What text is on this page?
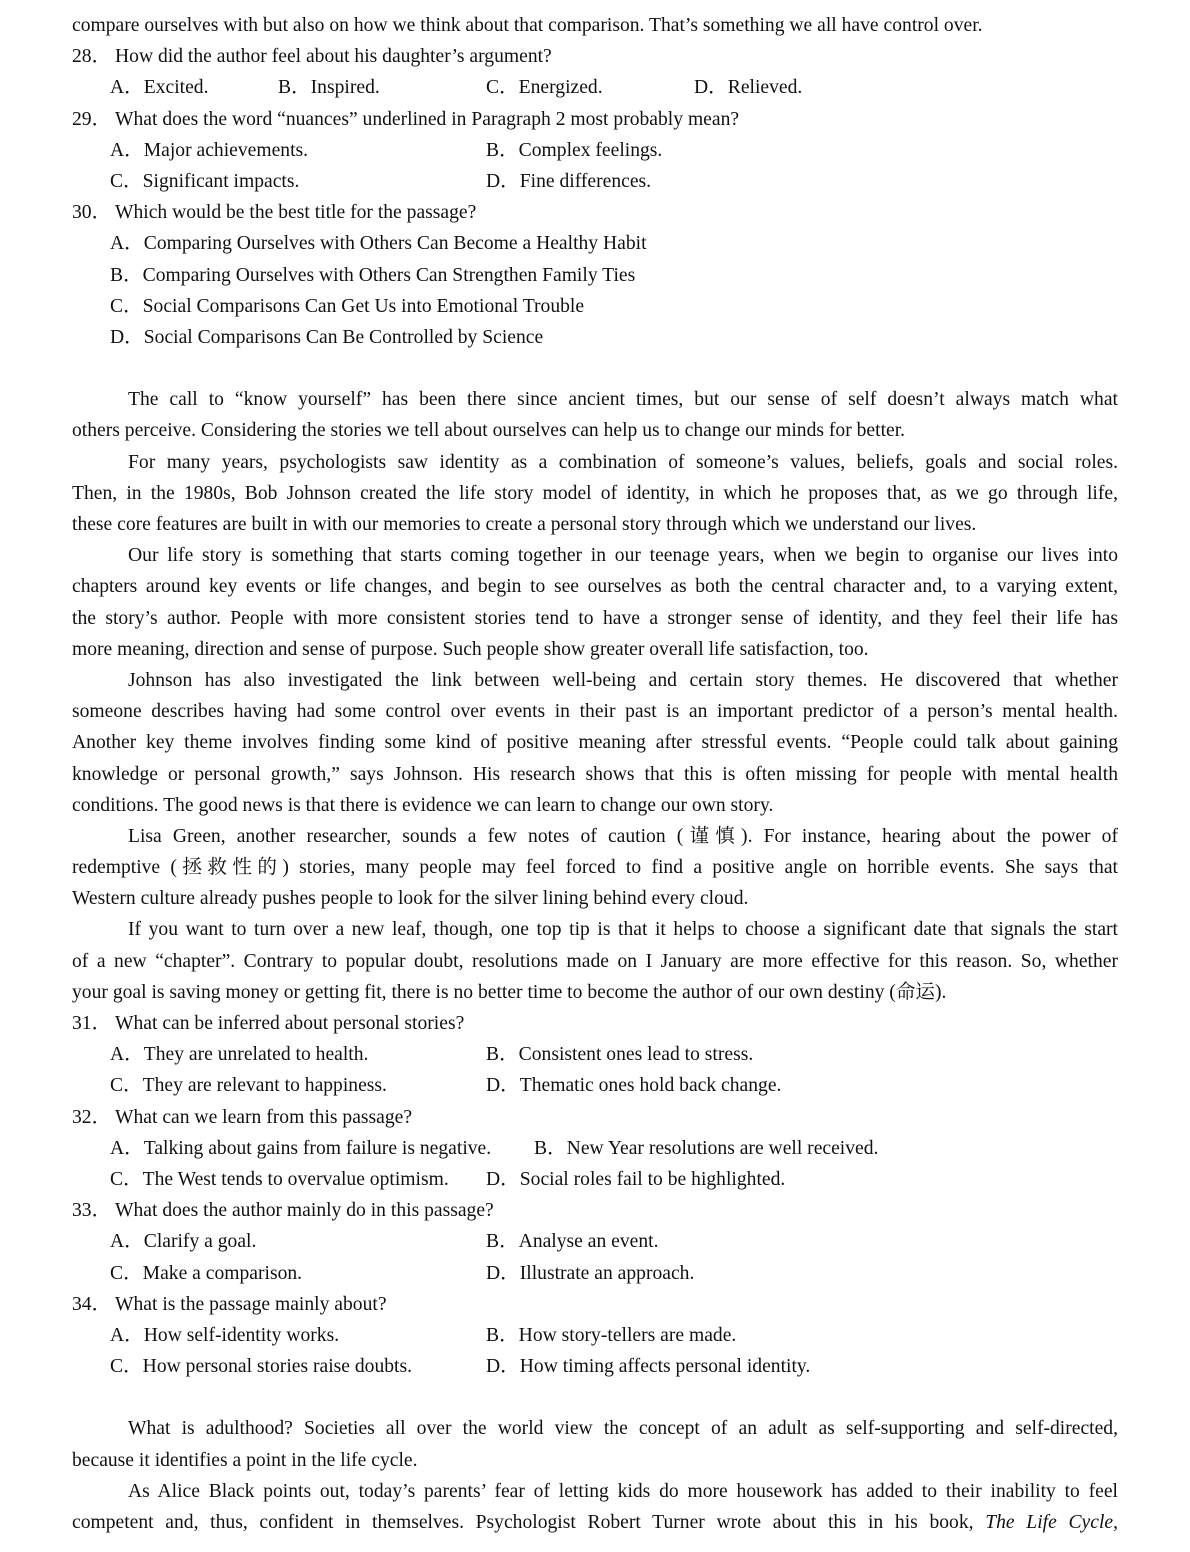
compare ourselves with but also on how we think about that comparison. That’s something we all have control over.
28． How did the author feel about his daughter’s argument?
A．Excited.	B．Inspired.	C．Energized.	D．Relieved.
29． What does the word “nuances” underlined in Paragraph 2 most probably mean?
A．Major achievements.	B．Complex feelings.
C．Significant impacts.	D．Fine differences.
30． Which would be the best title for the passage?
A．Comparing Ourselves with Others Can Become a Healthy Habit
B．Comparing Ourselves with Others Can Strengthen Family Ties
C．Social Comparisons Can Get Us into Emotional Trouble
D．Social Comparisons Can Be Controlled by Science
The call to “know yourself” has been there since ancient times, but our sense of self doesn’t always match what
others perceive. Considering the stories we tell about ourselves can help us to change our minds for better.
For many years, psychologists saw identity as a combination of someone’s values, beliefs, goals and social roles.
Then, in the 1980s, Bob Johnson created the life story model of identity, in which he proposes that, as we go through life,
these core features are built in with our memories to create a personal story through which we understand our lives.
Our life story is something that starts coming together in our teenage years, when we begin to organise our lives into
chapters around key events or life changes, and begin to see ourselves as both the central character and, to a varying extent,
the story’s author. People with more consistent stories tend to have a stronger sense of identity, and they feel their life has
more meaning, direction and sense of purpose. Such people show greater overall life satisfaction, too.
Johnson has also investigated the link between well-being and certain story themes. He discovered that whether
someone describes having had some control over events in their past is an important predictor of a person’s mental health.
Another key theme involves finding some kind of positive meaning after stressful events. “People could talk about gaining
knowledge or personal growth,” says Johnson. His research shows that this is often missing for people with mental health
conditions. The good news is that there is evidence we can learn to change our own story.
Lisa Green, another researcher, sounds a few notes of caution (谨慎). For instance, hearing about the power of
redemptive (拯救性的) stories, many people may feel forced to find a positive angle on horrible events. She says that
Western culture already pushes people to look for the silver lining behind every cloud.
If you want to turn over a new leaf, though, one top tip is that it helps to choose a significant date that signals the start
of a new “chapter”. Contrary to popular doubt, resolutions made on I January are more effective for this reason. So, whether
your goal is saving money or getting fit, there is no better time to become the author of our own destiny (命运).
31． What can be inferred about personal stories?
A．They are unrelated to health.	B．Consistent ones lead to stress.
C．They are relevant to happiness.	D．Thematic ones hold back change.
32． What can we learn from this passage?
A．Talking about gains from failure is negative. B．New Year resolutions are well received.
C．The West tends to overvalue optimism. D．Social roles fail to be highlighted.
33． What does the author mainly do in this passage?
A．Clarify a goal.	B．Analyse an event.
C．Make a comparison.	D．Illustrate an approach.
34． What is the passage mainly about?
A．How self-identity works.	B．How story-tellers are made.
C．How personal stories raise doubts.	D．How timing affects personal identity.
What is adulthood? Societies all over the world view the concept of an adult as self-supporting and self-directed,
because it identifies a point in the life cycle.
As Alice Black points out, today’s parents’ fear of letting kids do more housework has added to their inability to feel
competent and, thus, confident in themselves. Psychologist Robert Turner wrote about this in his book, The Life Cycle,
